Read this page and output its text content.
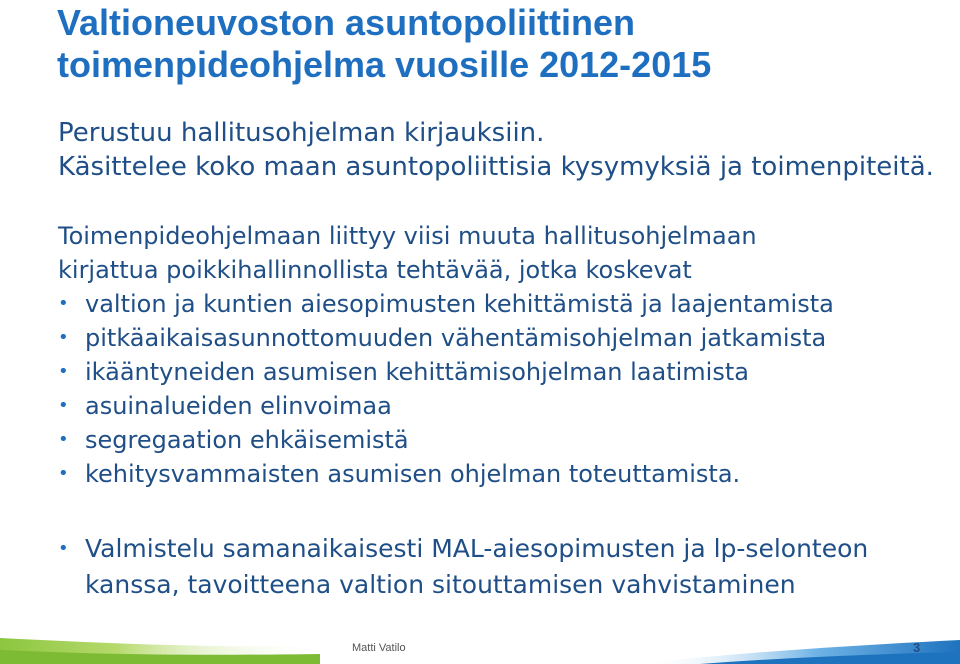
Valtioneuvoston asuntopoliittinen
toimenpideohjelma vuosille 2012-2015
Perustuu hallitusohjelman kirjauksiin.
Käsittelee koko maan asuntopoliittisia kysymyksiä ja toimenpiteitä.
Toimenpideohjelmaan liittyy viisi muuta hallitusohjelmaan
kirjattua poikkihallinnollista tehtävää, jotka koskevat
• valtion ja kuntien aiesopimusten kehittämistä ja laajentamista
• pitkäaikaisasunnottomuuden vähentämisohjelman jatkamista
• ikääntyneiden asumisen kehittämisohjelman laatimista
• asuinalueiden elinvoimaa
• segregaation ehkäisemistä
• kehitysvammaisten asumisen ohjelman toteuttamista.
• Valmistelu samanaikaisesti MAL-aiesopimusten ja lp-selonteon
kanssa, tavoitteena valtion sitouttamisen vahvistaminen
Matti Vatilo	3
